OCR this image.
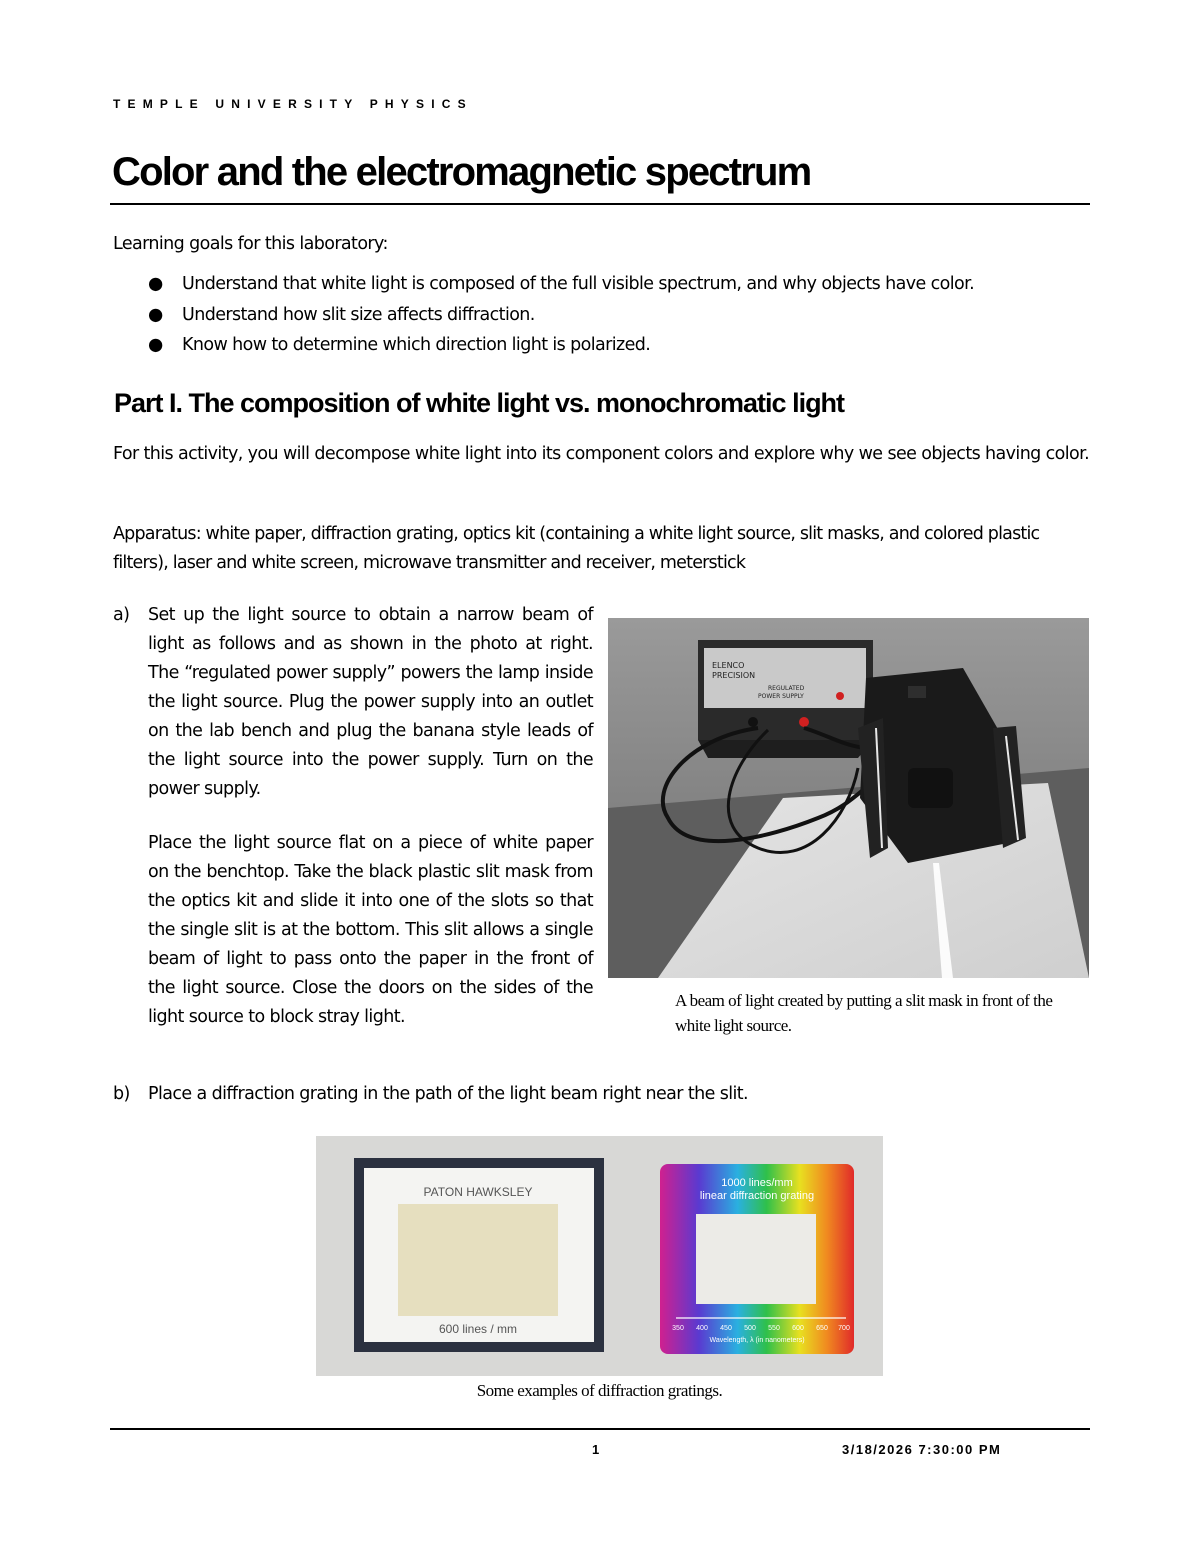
TEMPLE UNIVERSITY PHYSICS
Color and the electromagnetic spectrum
Learning goals for this laboratory:
● Understand that white light is composed of the full visible spectrum, and why objects have color.
● Understand how slit size affects diffraction.
● Know how to determine which direction light is polarized.
Part I. The composition of white light vs. monochromatic light
For this activity, you will decompose white light into its component colors and explore why we see objects having color.
Apparatus: white paper, diffraction grating, optics kit (containing a white light source, slit masks, and colored plastic filters), laser and white screen, microwave transmitter and receiver, meterstick
a) Set up the light source to obtain a narrow beam of light as follows and as shown in the photo at right. The “regulated power supply” powers the lamp inside the light source. Plug the power supply into an outlet on the lab bench and plug the banana style leads of the light source into the power supply. Turn on the power supply.
Place the light source flat on a piece of white paper on the benchtop. Take the black plastic slit mask from the optics kit and slide it into one of the slots so that the single slit is at the bottom. This slit allows a single beam of light to pass onto the paper in the front of the light source. Close the doors on the sides of the light source to block stray light.
ELENCO
PRECISION
REGULATED
POWER SUPPLY
A beam of light created by putting a slit mask in front of the white light source.
b) Place a diffraction grating in the path of the light beam right near the slit.
PATON HAWKSLEY
600 lines / mm
1000 lines/mm
linear diffraction grating
350 400 450 500 550 600 650 700
Wavelength, λ (in nanometers)
Some examples of diffraction gratings.
1	3/18/2026 7:30:00 PM
